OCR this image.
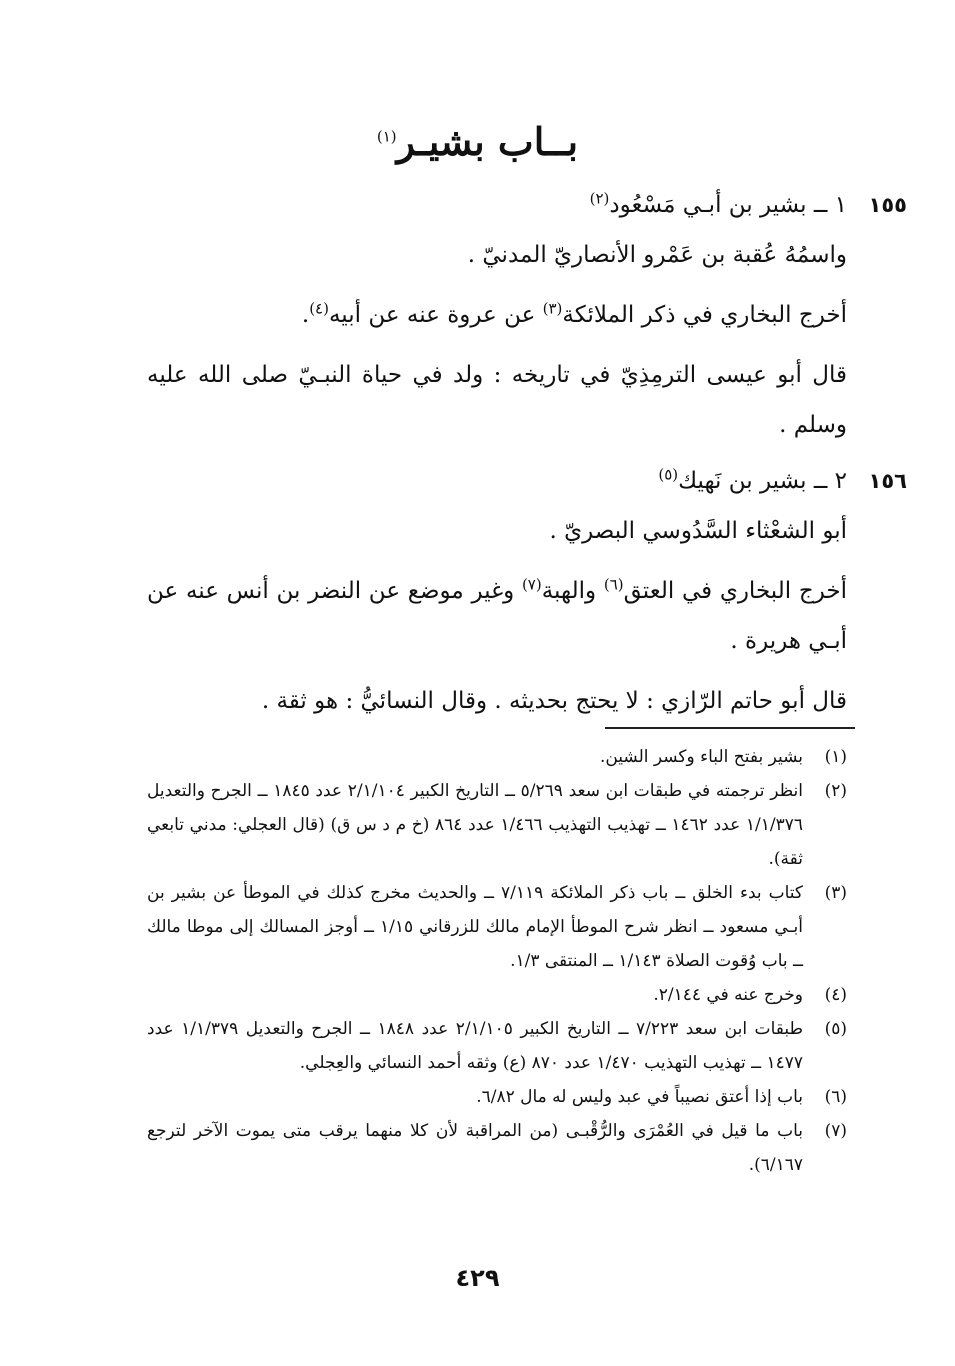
بــاب بشيـر$^{(١)}$
١٥٥
١ ــ بشير بن أبـي مَسْعُود$^{(٢)}$
واسمُهُ عُقبة بن عَمْرو الأنصاريّ المدنيّ .
أخرج البخاري في ذكر الملائكة$^{(٣)}$ عن عروة عنه عن أبيه$^{(٤)}$.
قال أبو عيسى الترمِذِيّ في تاريخه : ولد في حياة النبـيّ صلى الله عليه وسلم .
١٥٦
٢ ــ بشير بن نَهيك$^{(٥)}$
أبو الشعْثاء السَّدُوسي البصريّ .
أخرج البخاري في العتق$^{(٦)}$ والهبة$^{(٧)}$ وغير موضع عن النضر بن أنس عنه عن أبـي هريرة .
قال أبو حاتم الرّازي : لا يحتج بحديثه . وقال النسائيُّ : هو ثقة .
(١)
بشير بفتح الباء وكسر الشين.
(٢)
انظر ترجمته في طبقات ابن سعد ٥/٢٦٩ ــ التاريخ الكبير ٢/١/١٠٤ عدد ١٨٤٥ ــ الجرح والتعديل ١/١/٣٧٦ عدد ١٤٦٢ ــ تهذيب التهذيب ١/٤٦٦ عدد ٨٦٤ (خ م د س ق) (قال العجلي: مدني تابعي ثقة).
(٣)
كتاب بدء الخلق ــ باب ذكر الملائكة ٧/١١٩ ــ والحديث مخرج كذلك في الموطأ عن بشير بن أبـي مسعود ــ انظر شرح الموطأ الإمام مالك للزرقاني ١/١٥ ــ أوجز المسالك إلى موطا مالك ــ باب وُقوت الصلاة ١/١٤٣ ــ المنتقى ١/٣.
(٤)
وخرج عنه في ٢/١٤٤.
(٥)
طبقات ابن سعد ٧/٢٢٣ ــ التاريخ الكبير ٢/١/١٠٥ عدد ١٨٤٨ ــ الجرح والتعديل ١/١/٣٧٩ عدد ١٤٧٧ ــ تهذيب التهذيب ١/٤٧٠ عدد ٨٧٠ (ع) وثقه أحمد النسائي والعِجلي.
(٦)
باب إذا أعتق نصيباً في عبد وليس له مال ٦/٨٢.
(٧)
باب ما قيل في العُمْرَى والرُّقْبـى (من المراقبة لأن كلا منهما يرقب متى يموت الآخر لترجع ٦/١٦٧).
٤٢٩
